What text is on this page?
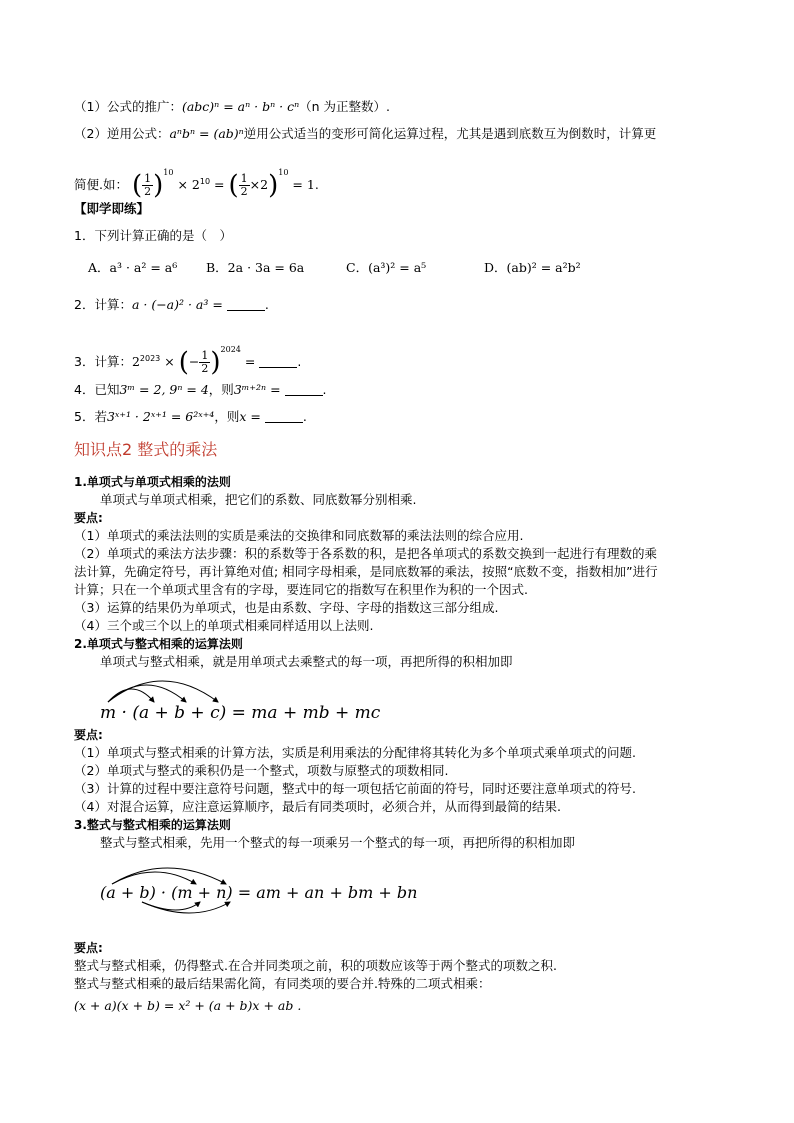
（1）公式的推广：(abc)ⁿ = aⁿ · bⁿ · cⁿ（n 为正整数）.
（2）逆用公式：aⁿbⁿ = (ab)ⁿ逆用公式适当的变形可简化运算过程，尤其是遇到底数互为倒数时，计算更
简便.如： ( $\frac{1}{2} )^{10} \times 2^{10}$ = ( $\frac{1}{2} \times 2)^{10} = 1$.
【即学即练】
1．下列计算正确的是（　）
A．a³ · a² = a⁶ B．2a · 3a = 6a	C．(a³)² = a⁵	D．(ab)² = a²b²
2．计算：a · (−a)² · a³ =	.
3．计算：$2^{2023}$ × (− $\frac{1}{2} )^{2024}$ =	.
4．已知3ᵐ = 2, 9ⁿ = 4，则3ᵐ⁺²ⁿ =	.
5．若3ˣ⁺¹ · 2ˣ⁺¹ = 6²ˣ⁺⁴，则x =	.
知识点2 整式的乘法
1.单项式与单项式相乘的法则
单项式与单项式相乘，把它们的系数、同底数幂分别相乘.
要点:
（1）单项式的乘法法则的实质是乘法的交换律和同底数幂的乘法法则的综合应用.
（2）单项式的乘法方法步骤：积的系数等于各系数的积，是把各单项式的系数交换到一起进行有理数的乘
法计算，先确定符号，再计算绝对值; 相同字母相乘，是同底数幂的乘法，按照“底数不变，指数相加”进行
计算；只在一个单项式里含有的字母，要连同它的指数写在积里作为积的一个因式.
（3）运算的结果仍为单项式，也是由系数、字母、字母的指数这三部分组成.
（4）三个或三个以上的单项式相乘同样适用以上法则.
2.单项式与整式相乘的运算法则
单项式与整式相乘，就是用单项式去乘整式的每一项，再把所得的积相加即
m · (a + b + c) = ma + mb + mc
要点:
（1）单项式与整式相乘的计算方法，实质是利用乘法的分配律将其转化为多个单项式乘单项式的问题.
（2）单项式与整式的乘积仍是一个整式，项数与原整式的项数相同.
（3）计算的过程中要注意符号问题，整式中的每一项包括它前面的符号，同时还要注意单项式的符号.
（4）对混合运算，应注意运算顺序，最后有同类项时，必须合并，从而得到最简的结果.
3.整式与整式相乘的运算法则
整式与整式相乘，先用一个整式的每一项乘另一个整式的每一项，再把所得的积相加即
(a + b) · (m + n) = am + an + bm + bn
要点:
整式与整式相乘，仍得整式.在合并同类项之前，积的项数应该等于两个整式的项数之积.
整式与整式相乘的最后结果需化简，有同类项的要合并.特殊的二项式相乘：
(x + a)(x + b) = x² + (a + b)x + ab .
